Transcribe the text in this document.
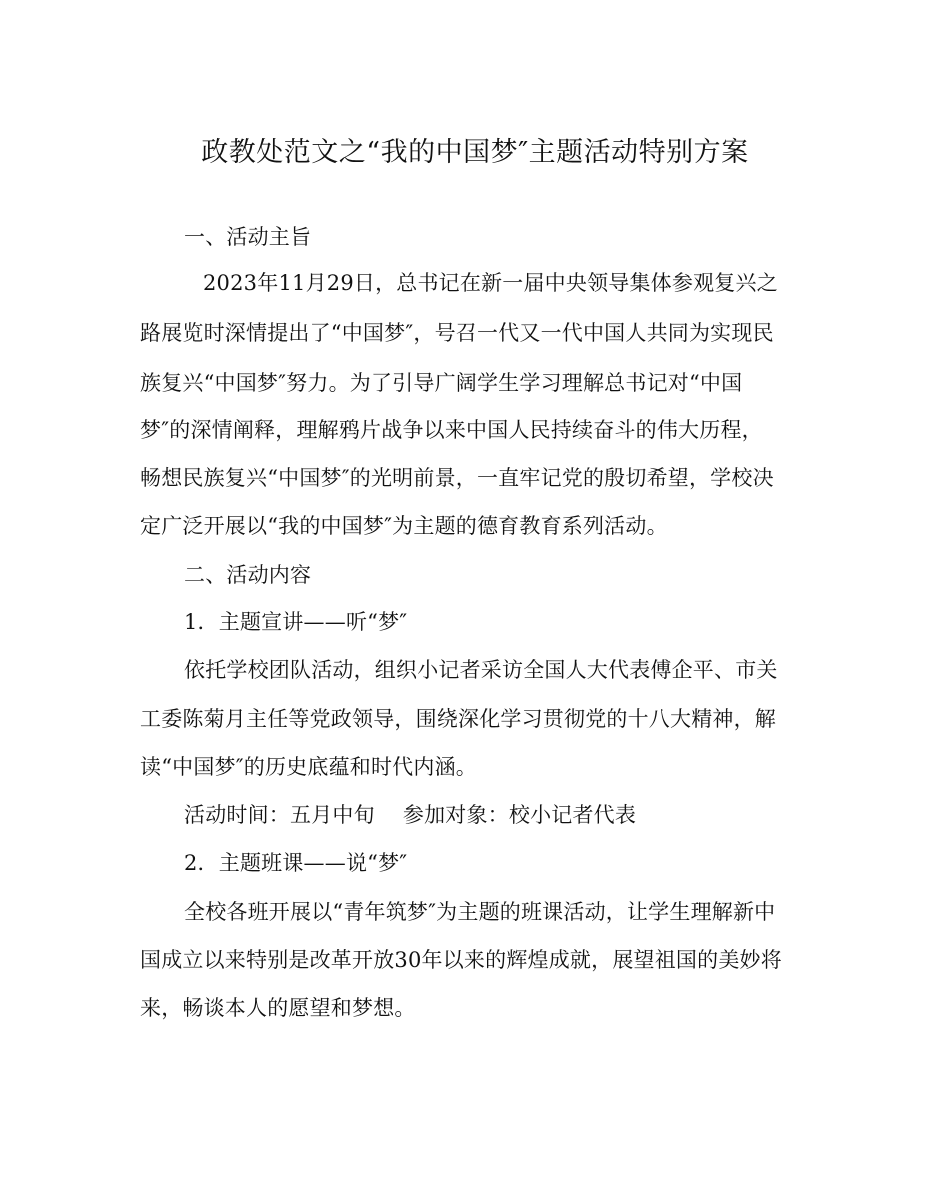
政教处范文之“我的中国梦″主题活动特别方案
一、活动主旨
2023年11月29日，总书记在新一届中央领导集体参观复兴之
路展览时深情提出了“中国梦″，号召一代又一代中国人共同为实现民
族复兴“中国梦″努力。为了引导广阔学生学习理解总书记对“中国
梦″的深情阐释，理解鸦片战争以来中国人民持续奋斗的伟大历程，
畅想民族复兴“中国梦″的光明前景，一直牢记党的殷切希望，学校决
定广泛开展以“我的中国梦″为主题的德育教育系列活动。
二、活动内容
1．主题宣讲——听“梦″
依托学校团队活动，组织小记者采访全国人大代表傅企平、市关
工委陈菊月主任等党政领导，围绕深化学习贯彻党的十八大精神，解
读“中国梦″的历史底蕴和时代内涵。
活动时间：五月中旬　 参加对象：校小记者代表
2．主题班课——说“梦″
全校各班开展以“青年筑梦″为主题的班课活动，让学生理解新中
国成立以来特别是改革开放30年以来的辉煌成就，展望祖国的美妙将
来，畅谈本人的愿望和梦想。
